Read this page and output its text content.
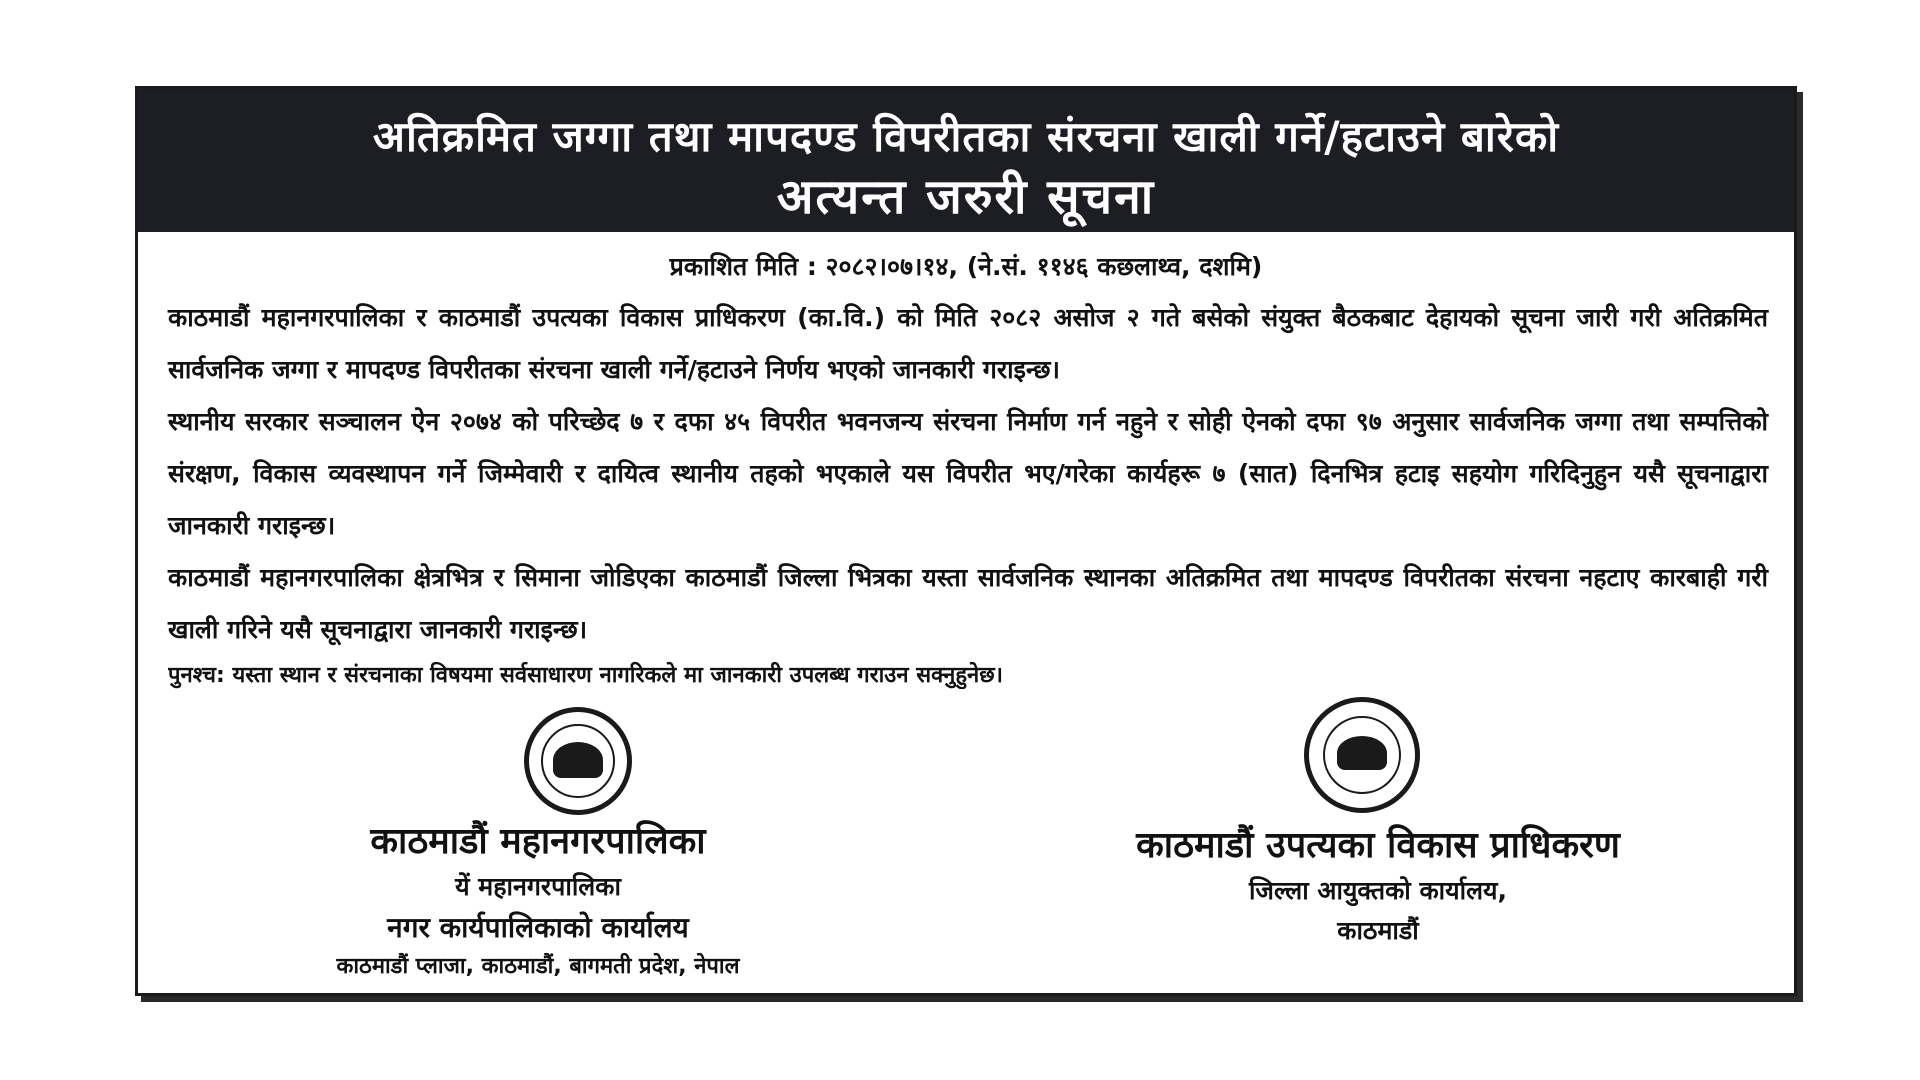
अतिक्रमित जग्गा तथा मापदण्ड विपरीतका संरचना खाली गर्ने/हटाउने बारेको
अत्यन्त जरुरी सूचना
प्रकाशित मिति : २०८२।०७।१४, (ने.सं. ११४६ कछलाथ्व, दशमि)
काठमाडौं महानगरपालिका र काठमाडौं उपत्यका विकास प्राधिकरण (का.वि.) को मिति २०८२ असोज २ गते बसेको संयुक्त बैठकबाट देहायको सूचना जारी गरी अतिक्रमित सार्वजनिक जग्गा र मापदण्ड विपरीतका संरचना खाली गर्ने/हटाउने निर्णय भएको जानकारी गराइन्छ।
स्थानीय सरकार सञ्चालन ऐन २०७४ को परिच्छेद ७ र दफा ४५ विपरीत भवनजन्य संरचना निर्माण गर्न नहुने र सोही ऐनको दफा ९७ अनुसार सार्वजनिक जग्गा तथा सम्पत्तिको संरक्षण, विकास व्यवस्थापन गर्ने जिम्मेवारी र दायित्व स्थानीय तहको भएकाले यस विपरीत भए/गरेका कार्यहरू ७ (सात) दिनभित्र हटाइ सहयोग गरिदिनुहुन यसै सूचनाद्वारा जानकारी गराइन्छ।
काठमाडौं महानगरपालिका क्षेत्रभित्र र सिमाना जोडिएका काठमाडौं जिल्ला भित्रका यस्ता सार्वजनिक स्थानका अतिक्रमित तथा मापदण्ड विपरीतका संरचना नहटाए कारबाही गरी खाली गरिने यसै सूचनाद्वारा जानकारी गराइन्छ।
पुनश्च: यस्ता स्थान र संरचनाका विषयमा सर्वसाधारण नागरिकले मा जानकारी उपलब्ध गराउन सक्नुहुनेछ।
काठमाडौं महानगरपालिका
यें महानगरपालिका
नगर कार्यपालिकाको कार्यालय
काठमाडौं प्लाजा, काठमाडौं, बागमती प्रदेश, नेपाल
काठमाडौं उपत्यका विकास प्राधिकरण
जिल्ला आयुक्तको कार्यालय,
काठमाडौं
